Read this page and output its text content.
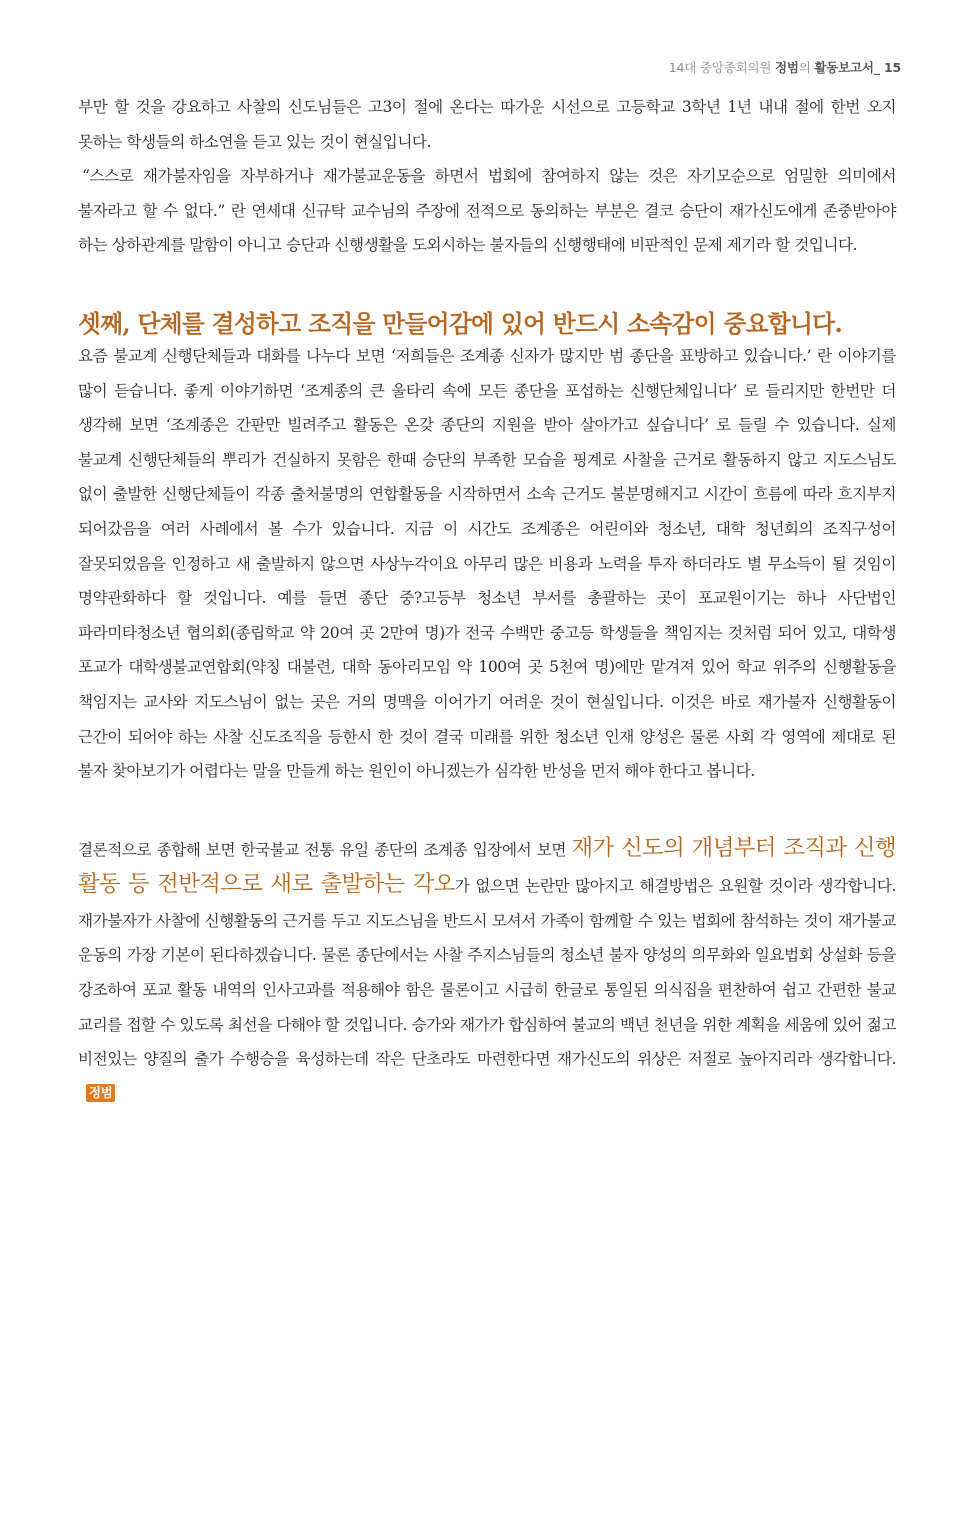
14대 중앙종회의원 정범의 활동보고서_ 15

부만 할 것을 강요하고 사찰의 신도님들은 고3이 절에 온다는 따가운 시선으로 고등학교 3학년 1년 내내 절에 한번 오지 못하는 학생들의 하소연을 듣고 있는 것이 현실입니다.

“스스로 재가불자임을 자부하거나 재가불교운동을 하면서 법회에 참여하지 않는 것은 자기모순으로 엄밀한 의미에서 불자라고 할 수 없다.” 란 연세대 신규탁 교수님의 주장에 전적으로 동의하는 부분은 결코 승단이 재가신도에게 존중받아야 하는 상하관계를 말함이 아니고 승단과 신행생활을 도외시하는 불자들의 신행행태에 비판적인 문제 제기라 할 것입니다.

셋째, 단체를 결성하고 조직을 만들어감에 있어 반드시 소속감이 중요합니다.

요즘 불교계 신행단체들과 대화를 나누다 보면 ‘저희들은 조계종 신자가 많지만 범 종단을 표방하고 있습니다.’ 란 이야기를 많이 듣습니다. 좋게 이야기하면 ‘조계종의 큰 울타리 속에 모든 종단을 포섭하는 신행단체입니다’ 로 들리지만 한번만 더 생각해 보면 ‘조계종은 간판만 빌려주고 활동은 온갖 종단의 지원을 받아 살아가고 싶습니다’ 로 들릴 수 있습니다. 실제 불교계 신행단체들의 뿌리가 건실하지 못함은 한때 승단의 부족한 모습을 핑계로 사찰을 근거로 활동하지 않고 지도스님도 없이 출발한 신행단체들이 각종 출처불명의 연합활동을 시작하면서 소속 근거도 불분명해지고 시간이 흐름에 따라 흐지부지 되어갔음을 여러 사례에서 볼 수가 있습니다. 지금 이 시간도 조계종은 어린이와 청소년, 대학 청년회의 조직구성이 잘못되었음을 인정하고 새 출발하지 않으면 사상누각이요 아무리 많은 비용과 노력을 투자 하더라도 별 무소득이 될 것임이 명약관화하다 할 것입니다. 예를 들면 종단 중?고등부 청소년 부서를 총괄하는 곳이 포교원이기는 하나 사단법인 파라미타청소년 협의회(종립학교 약 20여 곳 2만여 명)가 전국 수백만 중고등 학생들을 책임지는 것처럼 되어 있고, 대학생 포교가 대학생불교연합회(약칭 대불련, 대학 동아리모임 약 100여 곳 5천여 명)에만 맡겨져 있어 학교 위주의 신행활동을 책임지는 교사와 지도스님이 없는 곳은 거의 명맥을 이어가기 어려운 것이 현실입니다. 이것은 바로 재가불자 신행활동이 근간이 되어야 하는 사찰 신도조직을 등한시 한 것이 결국 미래를 위한 청소년 인재 양성은 물론 사회 각 영역에 제대로 된 불자 찾아보기가 어렵다는 말을 만들게 하는 원인이 아니겠는가 심각한 반성을 먼저 해야 한다고 봅니다.

결론적으로 종합해 보면 한국불교 전통 유일 종단의 조계종 입장에서 보면 재가 신도의 개념부터 조직과 신행 활동 등 전반적으로 새로 출발하는 각오가 없으면 논란만 많아지고 해결방법은 요원할 것이라 생각합니다. 재가불자가 사찰에 신행활동의 근거를 두고 지도스님을 반드시 모셔서 가족이 함께할 수 있는 법회에 참석하는 것이 재가불교 운동의 가장 기본이 된다하겠습니다. 물론 종단에서는 사찰 주지스님들의 청소년 불자 양성의 의무화와 일요법회 상설화 등을 강조하여 포교 활동 내역의 인사고과를 적용해야 함은 물론이고 시급히 한글로 통일된 의식집을 편찬하여 쉽고 간편한 불교 교리를 접할 수 있도록 최선을 다해야 할 것입니다. 승가와 재가가 합심하여 불교의 백년 천년을 위한 계획을 세움에 있어 젊고 비전있는 양질의 출가 수행승을 육성하는데 작은 단초라도 마련한다면 재가신도의 위상은 저절로 높아지리라 생각합니다.정범
